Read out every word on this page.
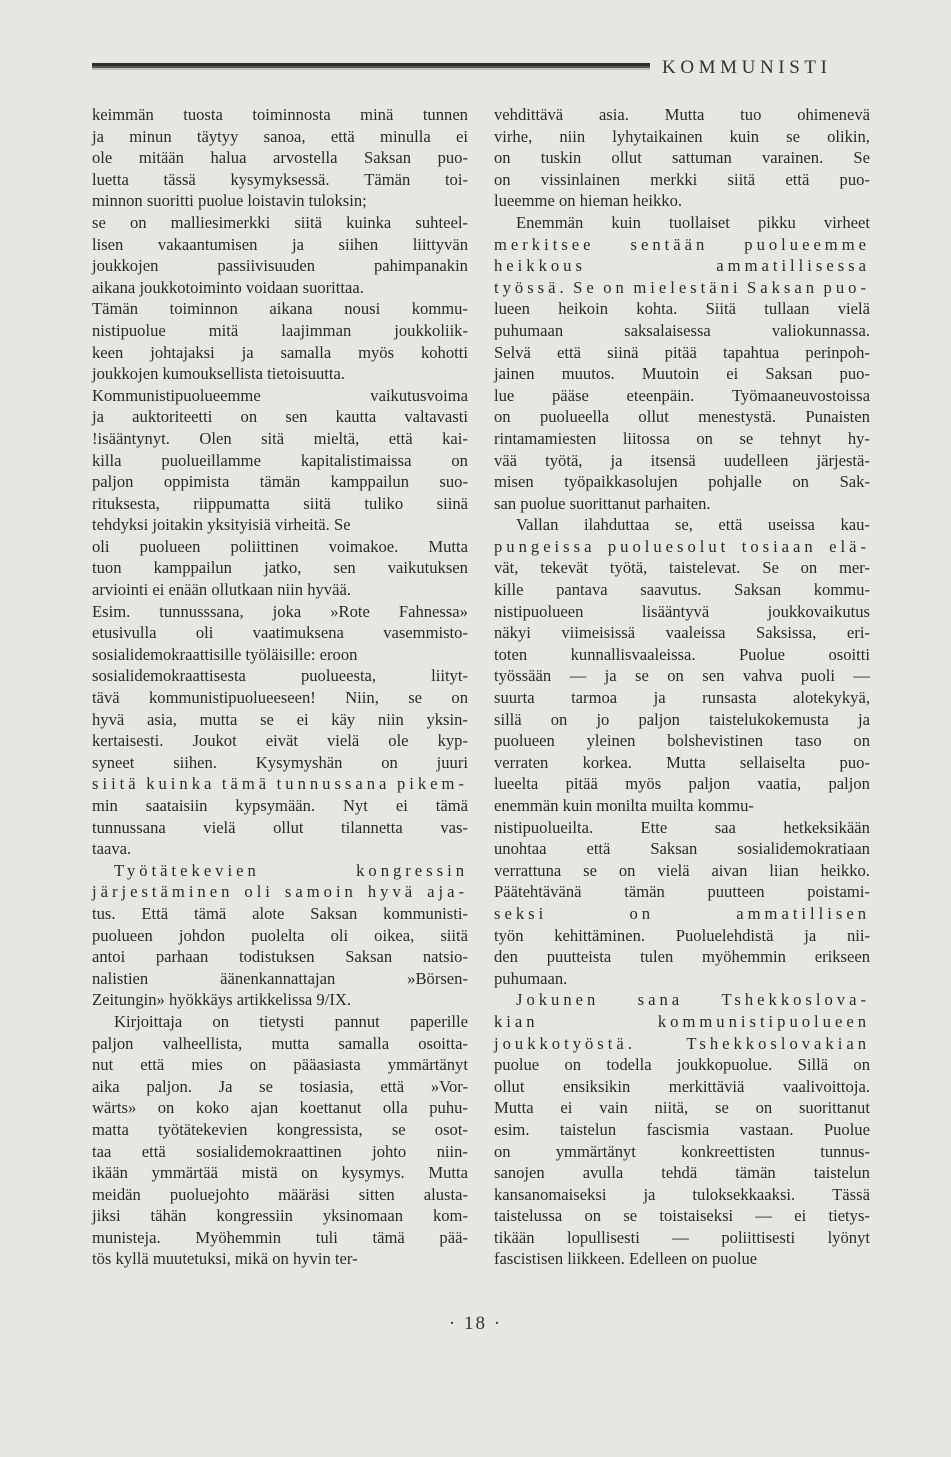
KOMMUNISTI
keimmän tuosta toiminnosta minä tunnen
ja minun täytyy sanoa, että minulla ei
ole mitään halua arvostella Saksan puo-
luetta tässä kysymyksessä. Tämän toi-
minnon suoritti puolue loistavin tuloksin;
se on malliesimerkki siitä kuinka suhteel-
lisen vakaantumisen ja siihen liittyvän
joukkojen	passiivisuuden	pahimpanakin
aikana joukkotoiminto voidaan suorittaa.
Tämän toiminnon aikana nousi kommu-
nistipuolue	mitä	laajimman	joukkoliik-
keen johtajaksi ja samalla myös kohotti
joukkojen kumouksellista tietoisuutta.
Kommunistipuolueemme	vaikutusvoima
ja auktoriteetti on sen kautta valtavasti
!isääntynyt. Olen sitä mieltä, että kai-
killa puolueillamme kapitalistimaissa on
paljon oppimista tämän kamppailun suo-
rituksesta, riippumatta siitä tuliko siinä
tehdyksi joitakin yksityisiä virheitä. Se
oli puolueen poliittinen voimakoe. Mutta
tuon kamppailun jatko, sen vaikutuksen
arviointi ei enään ollutkaan niin hyvää.
Esim. tunnusssana, joka »Rote Fahnessa»
etusivulla oli vaatimuksena vasemmisto-
sosialidemokraattisille työläisille: eroon
sosialidemokraattisesta	puolueesta,	liityt-
tävä kommunistipuolueeseen! Niin, se on
hyvä asia, mutta se ei käy niin yksin-
kertaisesti. Joukot eivät vielä ole kyp-
syneet siihen. Kysymyshän on juuri
siitä kuinka tämä tunnussana pikem-
min saataisiin kypsymään. Nyt ei tämä
tunnussana vielä ollut tilannetta vas-
taava.
Työtätekevien	kongressin
järjestäminen oli samoin hyvä aja-
tus. Että tämä alote Saksan kommunisti-
puolueen johdon puolelta oli oikea, siitä
antoi parhaan todistuksen Saksan natsio-
nalistien	äänenkannattajan	»Börsen-
Zeitungin» hyökkäys artikkelissa 9/IX.
Kirjoittaja on tietysti pannut paperille
paljon valheellista, mutta samalla osoitta-
nut että mies on pääasiasta ymmärtänyt
aika paljon. Ja se tosiasia, että »Vor-
wärts» on koko ajan koettanut olla puhu-
matta työtätekevien kongressista, se osot-
taa että sosialidemokraattinen johto niin-
ikään ymmärtää mistä on kysymys. Mutta
meidän puoluejohto määräsi sitten alusta-
jiksi tähän kongressiin yksinomaan kom-
munisteja. Myöhemmin tuli tämä pää-
tös kyllä muutetuksi, mikä on hyvin ter-
vehdittävä asia. Mutta tuo ohimenevä
virhe, niin lyhytaikainen kuin se olikin,
on tuskin ollut sattuman varainen. Se
on vissinlainen merkki siitä että puo-
lueemme on hieman heikko.
Enemmän kuin tuollaiset pikku virheet
merkitsee sentään puolueemme
heikkous	ammatillisessa
työssä. Se on mielestäni Saksan puo-
lueen heikoin kohta. Siitä tullaan vielä
puhumaan	saksalaisessa	valiokunnassa.
Selvä että siinä pitää tapahtua perinpoh-
jainen muutos. Muutoin ei Saksan puo-
lue pääse eteenpäin. Työmaaneuvostoissa
on puolueella ollut menestystä. Punaisten
rintamamiesten liitossa on se tehnyt hy-
vää työtä, ja itsensä uudelleen järjestä-
misen työpaikkasolujen pohjalle on Sak-
san puolue suorittanut parhaiten.
Vallan ilahduttaa se, että useissa kau-
pungeissa puoluesolut tosiaan elä-
vät, tekevät työtä, taistelevat. Se on mer-
kille pantava saavutus. Saksan kommu-
nistipuolueen	lisääntyvä	joukkovaikutus
näkyi viimeisissä vaaleissa Saksissa, eri-
toten	kunnallisvaaleissa.	Puolue	osoitti
työssään — ja se on sen vahva puoli —
suurta tarmoa ja runsasta alotekykyä,
sillä on jo paljon taistelukokemusta ja
puolueen yleinen bolshevistinen taso on
verraten korkea. Mutta sellaiselta puo-
lueelta pitää myös paljon vaatia, paljon
enemmän kuin monilta muilta kommu-
nistipuolueilta.	Ette	saa	hetkeksikään
unohtaa että Saksan sosialidemokratiaan
verrattuna se on vielä aivan liian heikko.
Päätehtävänä	tämän	puutteen	poistami-
seksi	on	ammatillisen
työn kehittäminen. Puoluelehdistä ja nii-
den puutteista tulen myöhemmin erikseen
puhumaan.
Jokunen sana Tshekkoslova-
kian	kommunistipuolueen
joukkotyöstä.	Tshekkoslovakian
puolue on todella joukkopuolue. Sillä on
ollut ensiksikin merkittäviä vaalivoittoja.
Mutta ei vain niitä, se on suorittanut
esim. taistelun fascismia vastaan. Puolue
on	ymmärtänyt	konkreettisten	tunnus-
sanojen avulla tehdä tämän taistelun
kansanomaiseksi ja tuloksekkaaksi. Tässä
taistelussa on se toistaiseksi — ei tietys-
tikään lopullisesti — poliittisesti lyönyt
fascistisen liikkeen. Edelleen on puolue
· 18 ·
